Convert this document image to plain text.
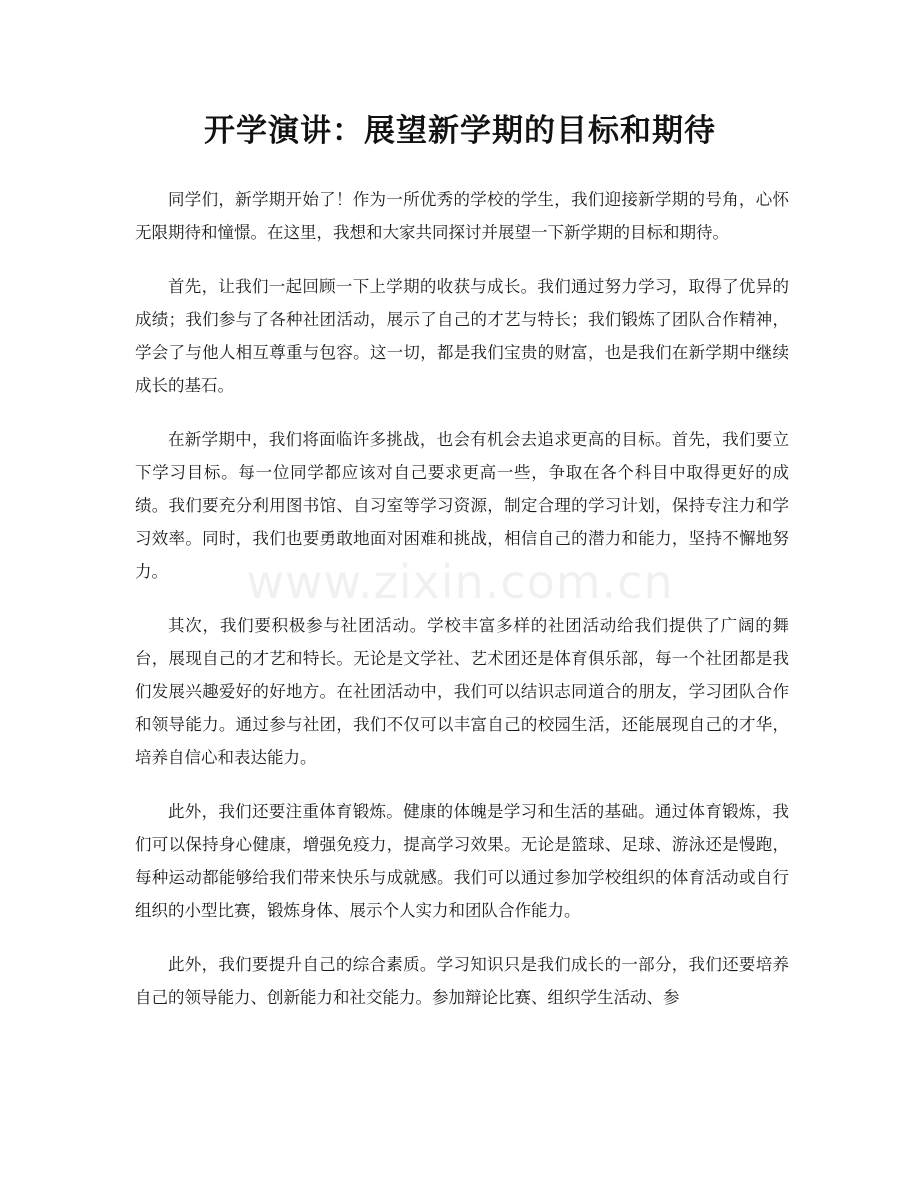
开学演讲：展望新学期的目标和期待
www.zixin.com.cn

同学们，新学期开始了！作为一所优秀的学校的学生，我们迎接新学期的号角，心怀无限期待和憧憬。在这里，我想和大家共同探讨并展望一下新学期的目标和期待。

首先，让我们一起回顾一下上学期的收获与成长。我们通过努力学习，取得了优异的成绩；我们参与了各种社团活动，展示了自己的才艺与特长；我们锻炼了团队合作精神，学会了与他人相互尊重与包容。这一切，都是我们宝贵的财富，也是我们在新学期中继续成长的基石。

在新学期中，我们将面临许多挑战，也会有机会去追求更高的目标。首先，我们要立下学习目标。每一位同学都应该对自己要求更高一些，争取在各个科目中取得更好的成绩。我们要充分利用图书馆、自习室等学习资源，制定合理的学习计划，保持专注力和学习效率。同时，我们也要勇敢地面对困难和挑战，相信自己的潜力和能力，坚持不懈地努力。

其次，我们要积极参与社团活动。学校丰富多样的社团活动给我们提供了广阔的舞台，展现自己的才艺和特长。无论是文学社、艺术团还是体育俱乐部，每一个社团都是我们发展兴趣爱好的好地方。在社团活动中，我们可以结识志同道合的朋友，学习团队合作和领导能力。通过参与社团，我们不仅可以丰富自己的校园生活，还能展现自己的才华，培养自信心和表达能力。

此外，我们还要注重体育锻炼。健康的体魄是学习和生活的基础。通过体育锻炼，我们可以保持身心健康，增强免疫力，提高学习效果。无论是篮球、足球、游泳还是慢跑，每种运动都能够给我们带来快乐与成就感。我们可以通过参加学校组织的体育活动或自行组织的小型比赛，锻炼身体、展示个人实力和团队合作能力。

此外，我们要提升自己的综合素质。学习知识只是我们成长的一部分，我们还要培养自己的领导能力、创新能力和社交能力。参加辩论比赛、组织学生活动、参
